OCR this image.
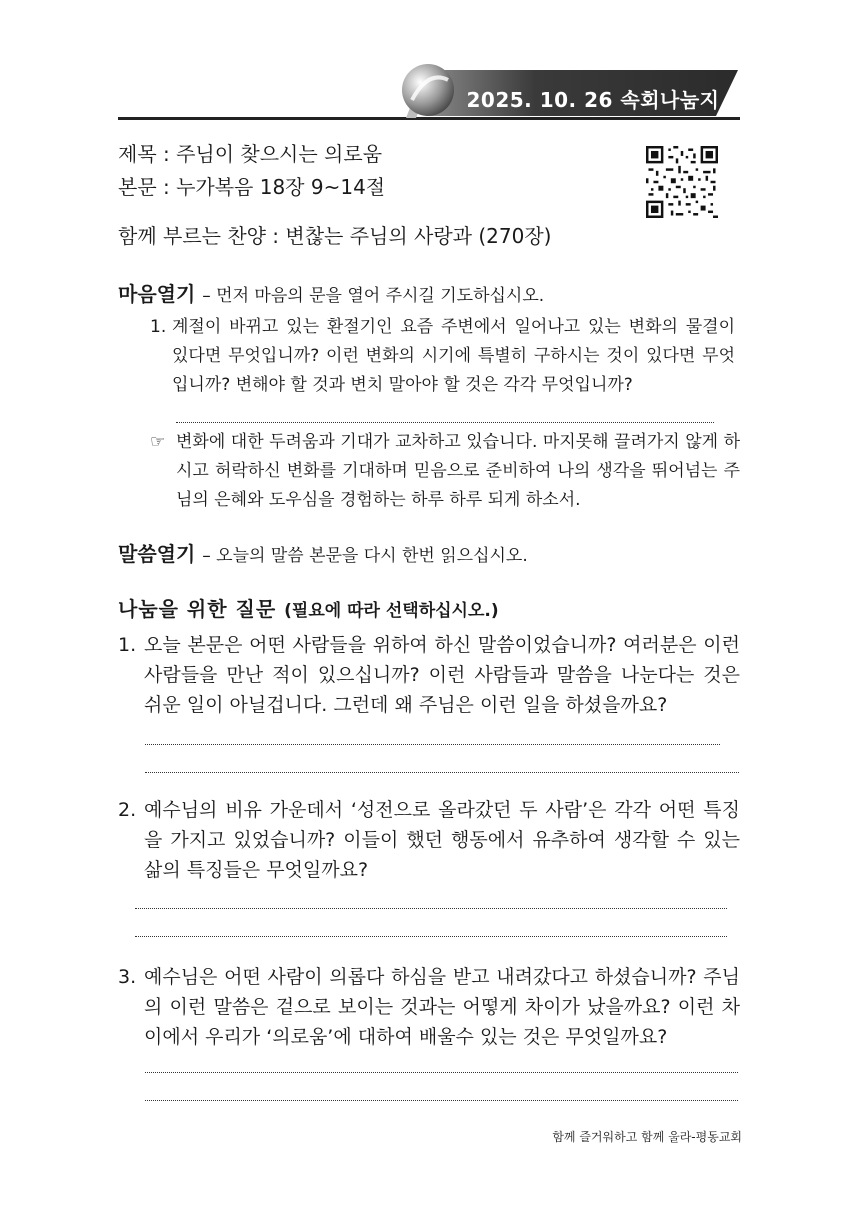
2025. 10. 26 속회나눔지
제목 : 주님이 찾으시는 의로움
본문 : 누가복음 18장 9~14절
함께 부르는 찬양 : 변찮는 주님의 사랑과 (270장)
마음열기 – 먼저 마음의 문을 열어 주시길 기도하십시오.
1. 계절이 바뀌고 있는 환절기인 요즘 주변에서 일어나고 있는 변화의 물결이 있다면 무엇입니까? 이런 변화의 시기에 특별히 구하시는 것이 있다면 무엇입니까? 변해야 할 것과 변치 말아야 할 것은 각각 무엇입니까?
☞ 변화에 대한 두려움과 기대가 교차하고 있습니다. 마지못해 끌려가지 않게 하시고 허락하신 변화를 기대하며 믿음으로 준비하여 나의 생각을 뛰어넘는 주님의 은혜와 도우심을 경험하는 하루 하루 되게 하소서.
말씀열기 – 오늘의 말씀 본문을 다시 한번 읽으십시오.
나눔을 위한 질문 (필요에 따라 선택하십시오.)
1. 오늘 본문은 어떤 사람들을 위하여 하신 말씀이었습니까? 여러분은 이런 사람들을 만난 적이 있으십니까? 이런 사람들과 말씀을 나눈다는 것은 쉬운 일이 아닐겁니다. 그런데 왜 주님은 이런 일을 하셨을까요?
2. 예수님의 비유 가운데서 ‘성전으로 올라갔던 두 사람’은 각각 어떤 특징을 가지고 있었습니까? 이들이 했던 행동에서 유추하여 생각할 수 있는 삶의 특징들은 무엇일까요?
3. 예수님은 어떤 사람이 의롭다 하심을 받고 내려갔다고 하셨습니까? 주님의 이런 말씀은 겉으로 보이는 것과는 어떻게 차이가 났을까요? 이런 차이에서 우리가 ‘의로움’에 대하여 배울수 있는 것은 무엇일까요?
함께 즐거워하고 함께 울라-평동교회
